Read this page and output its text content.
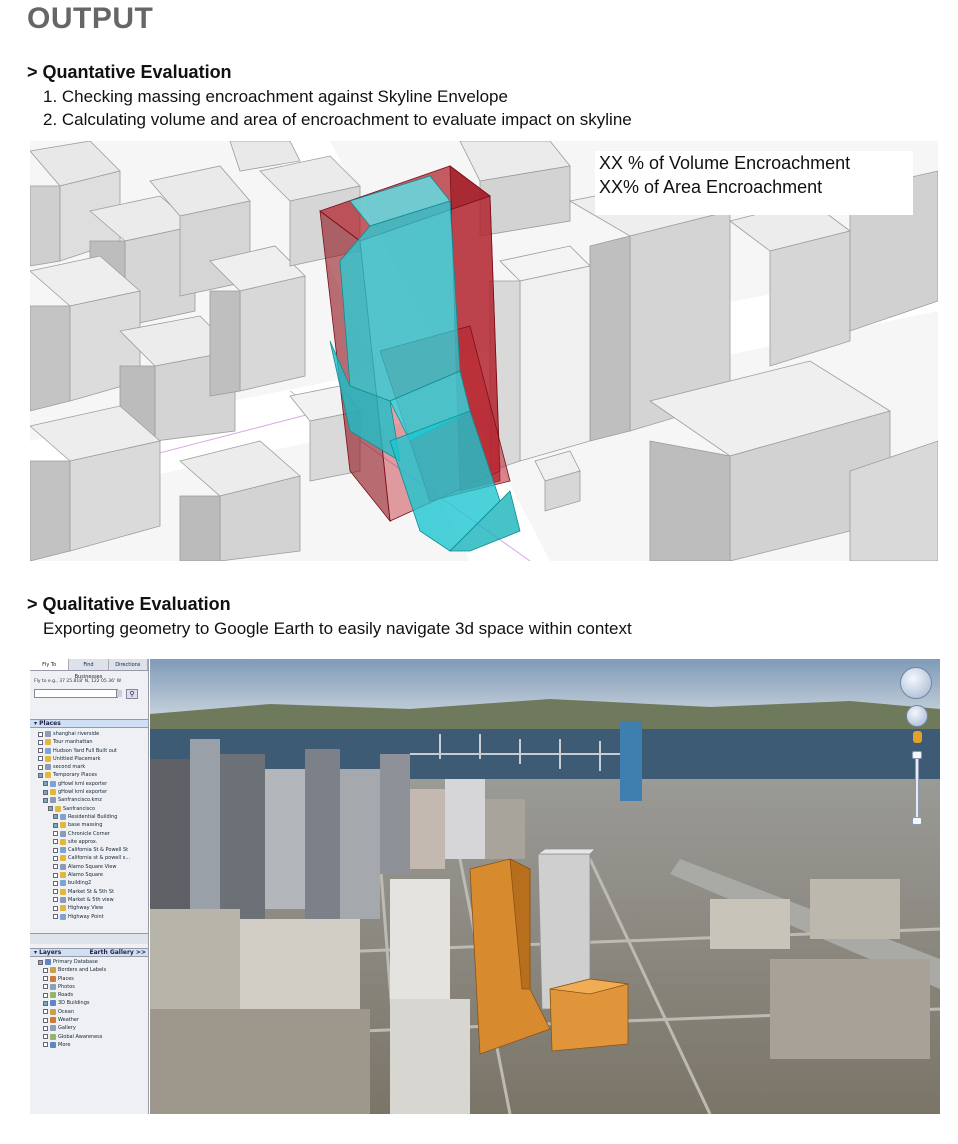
OUTPUT
> Quantative Evaluation
1. Checking massing encroachment against Skyline Envelope
2. Calculating volume and area of encroachment to evaluate impact on skyline
XX % of Volume Encroachment
XX% of Area Encroachment
> Qualitative Evaluation
Exporting geometry to Google Earth to easily navigate 3d space within context
Fly To	Find Businesses
Directions
Fly to e.g., 37 25.818' N, 122 05.36' W
⚲
▾ Places
shanghai riverside
Tour manhattan
Hudson Yard Full Built out
Untitled Placemark
second mark
Temporary Places
gHowl kml exporter
gHowl kml exporter
Sanfrancisco.kmz
Sanfrancisco
Residential Building
base massing
Chronicle Corner
site approx.
California St & Powell St
California st & powell s...
Alamo Square View
Alamo Square
building2
Market St & 5th St
Market & 5th view
Highway View
Highway Point
▾ Layers	Earth Gallery >>
Primary Database
Borders and Labels
Places
Photos
Roads
3D Buildings
Ocean
Weather
Gallery
Global Awareness
More
